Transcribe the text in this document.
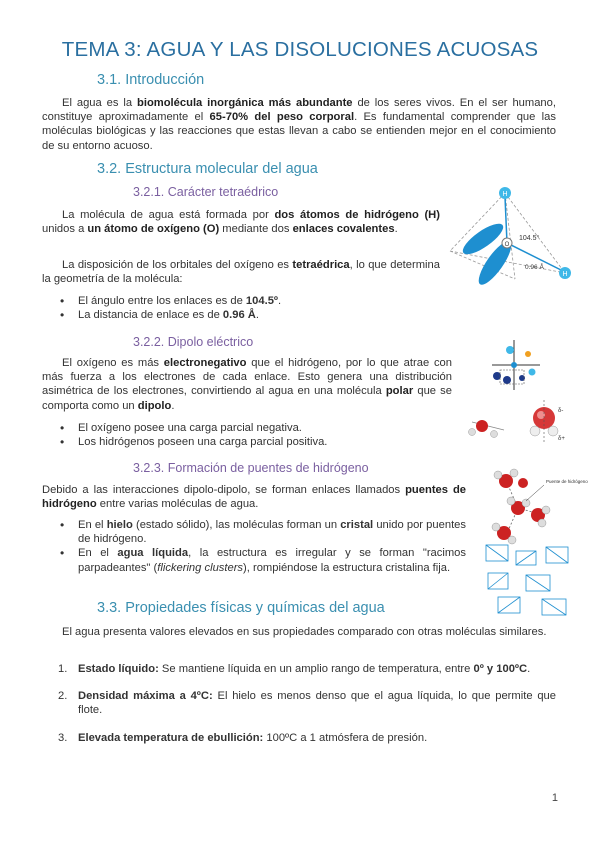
TEMA 3: AGUA Y LAS DISOLUCIONES ACUOSAS
3.1. Introducción
El agua es la biomolécula inorgánica más abundante de los seres vivos. En el ser humano, constituye aproximadamente el 65-70% del peso corporal. Es fundamental comprender que las moléculas biológicas y las reacciones que estas llevan a cabo se entienden mejor en el conocimiento de su entorno acuoso.
3.2. Estructura molecular del agua
3.2.1. Carácter tetraédrico
La molécula de agua está formada por dos átomos de hidrógeno (H) unidos a un átomo de oxígeno (O) mediante dos enlaces covalentes.
La disposición de los orbitales del oxígeno es tetraédrica, lo que determina la geometría de la molécula:
• El ángulo entre los enlaces es de 104.5º.
• La distancia de enlace es de 0.96 Å.
O
H
H
104.5°
0.96 Å
3.2.2. Dipolo eléctrico
El oxígeno es más electronegativo que el hidrógeno, por lo que atrae con más fuerza a los electrones de cada enlace. Esto genera una distribución asimétrica de los electrones, convirtiendo al agua en una molécula polar que se comporta como un dipolo.
• El oxígeno posee una carga parcial negativa.
• Los hidrógenos poseen una carga parcial positiva.
δ-
δ+
3.2.3. Formación de puentes de hidrógeno
Debido a las interacciones dipolo-dipolo, se forman enlaces llamados puentes de hidrógeno entre varias moléculas de agua.
• En el hielo (estado sólido), las moléculas forman un cristal unido por puentes de hidrógeno.
• En el agua líquida, la estructura es irregular y se forman "racimos parpadeantes" (flickering clusters), rompiéndose la estructura cristalina fija.
Puente de hidrógeno
3.3. Propiedades físicas y químicas del agua
El agua presenta valores elevados en sus propiedades comparado con otras moléculas similares.
1. Estado líquido: Se mantiene líquida en un amplio rango de temperatura, entre 0º y 100ºC.
2. Densidad máxima a 4ºC: El hielo es menos denso que el agua líquida, lo que permite que flote.
3. Elevada temperatura de ebullición: 100ºC a 1 atmósfera de presión.
1
